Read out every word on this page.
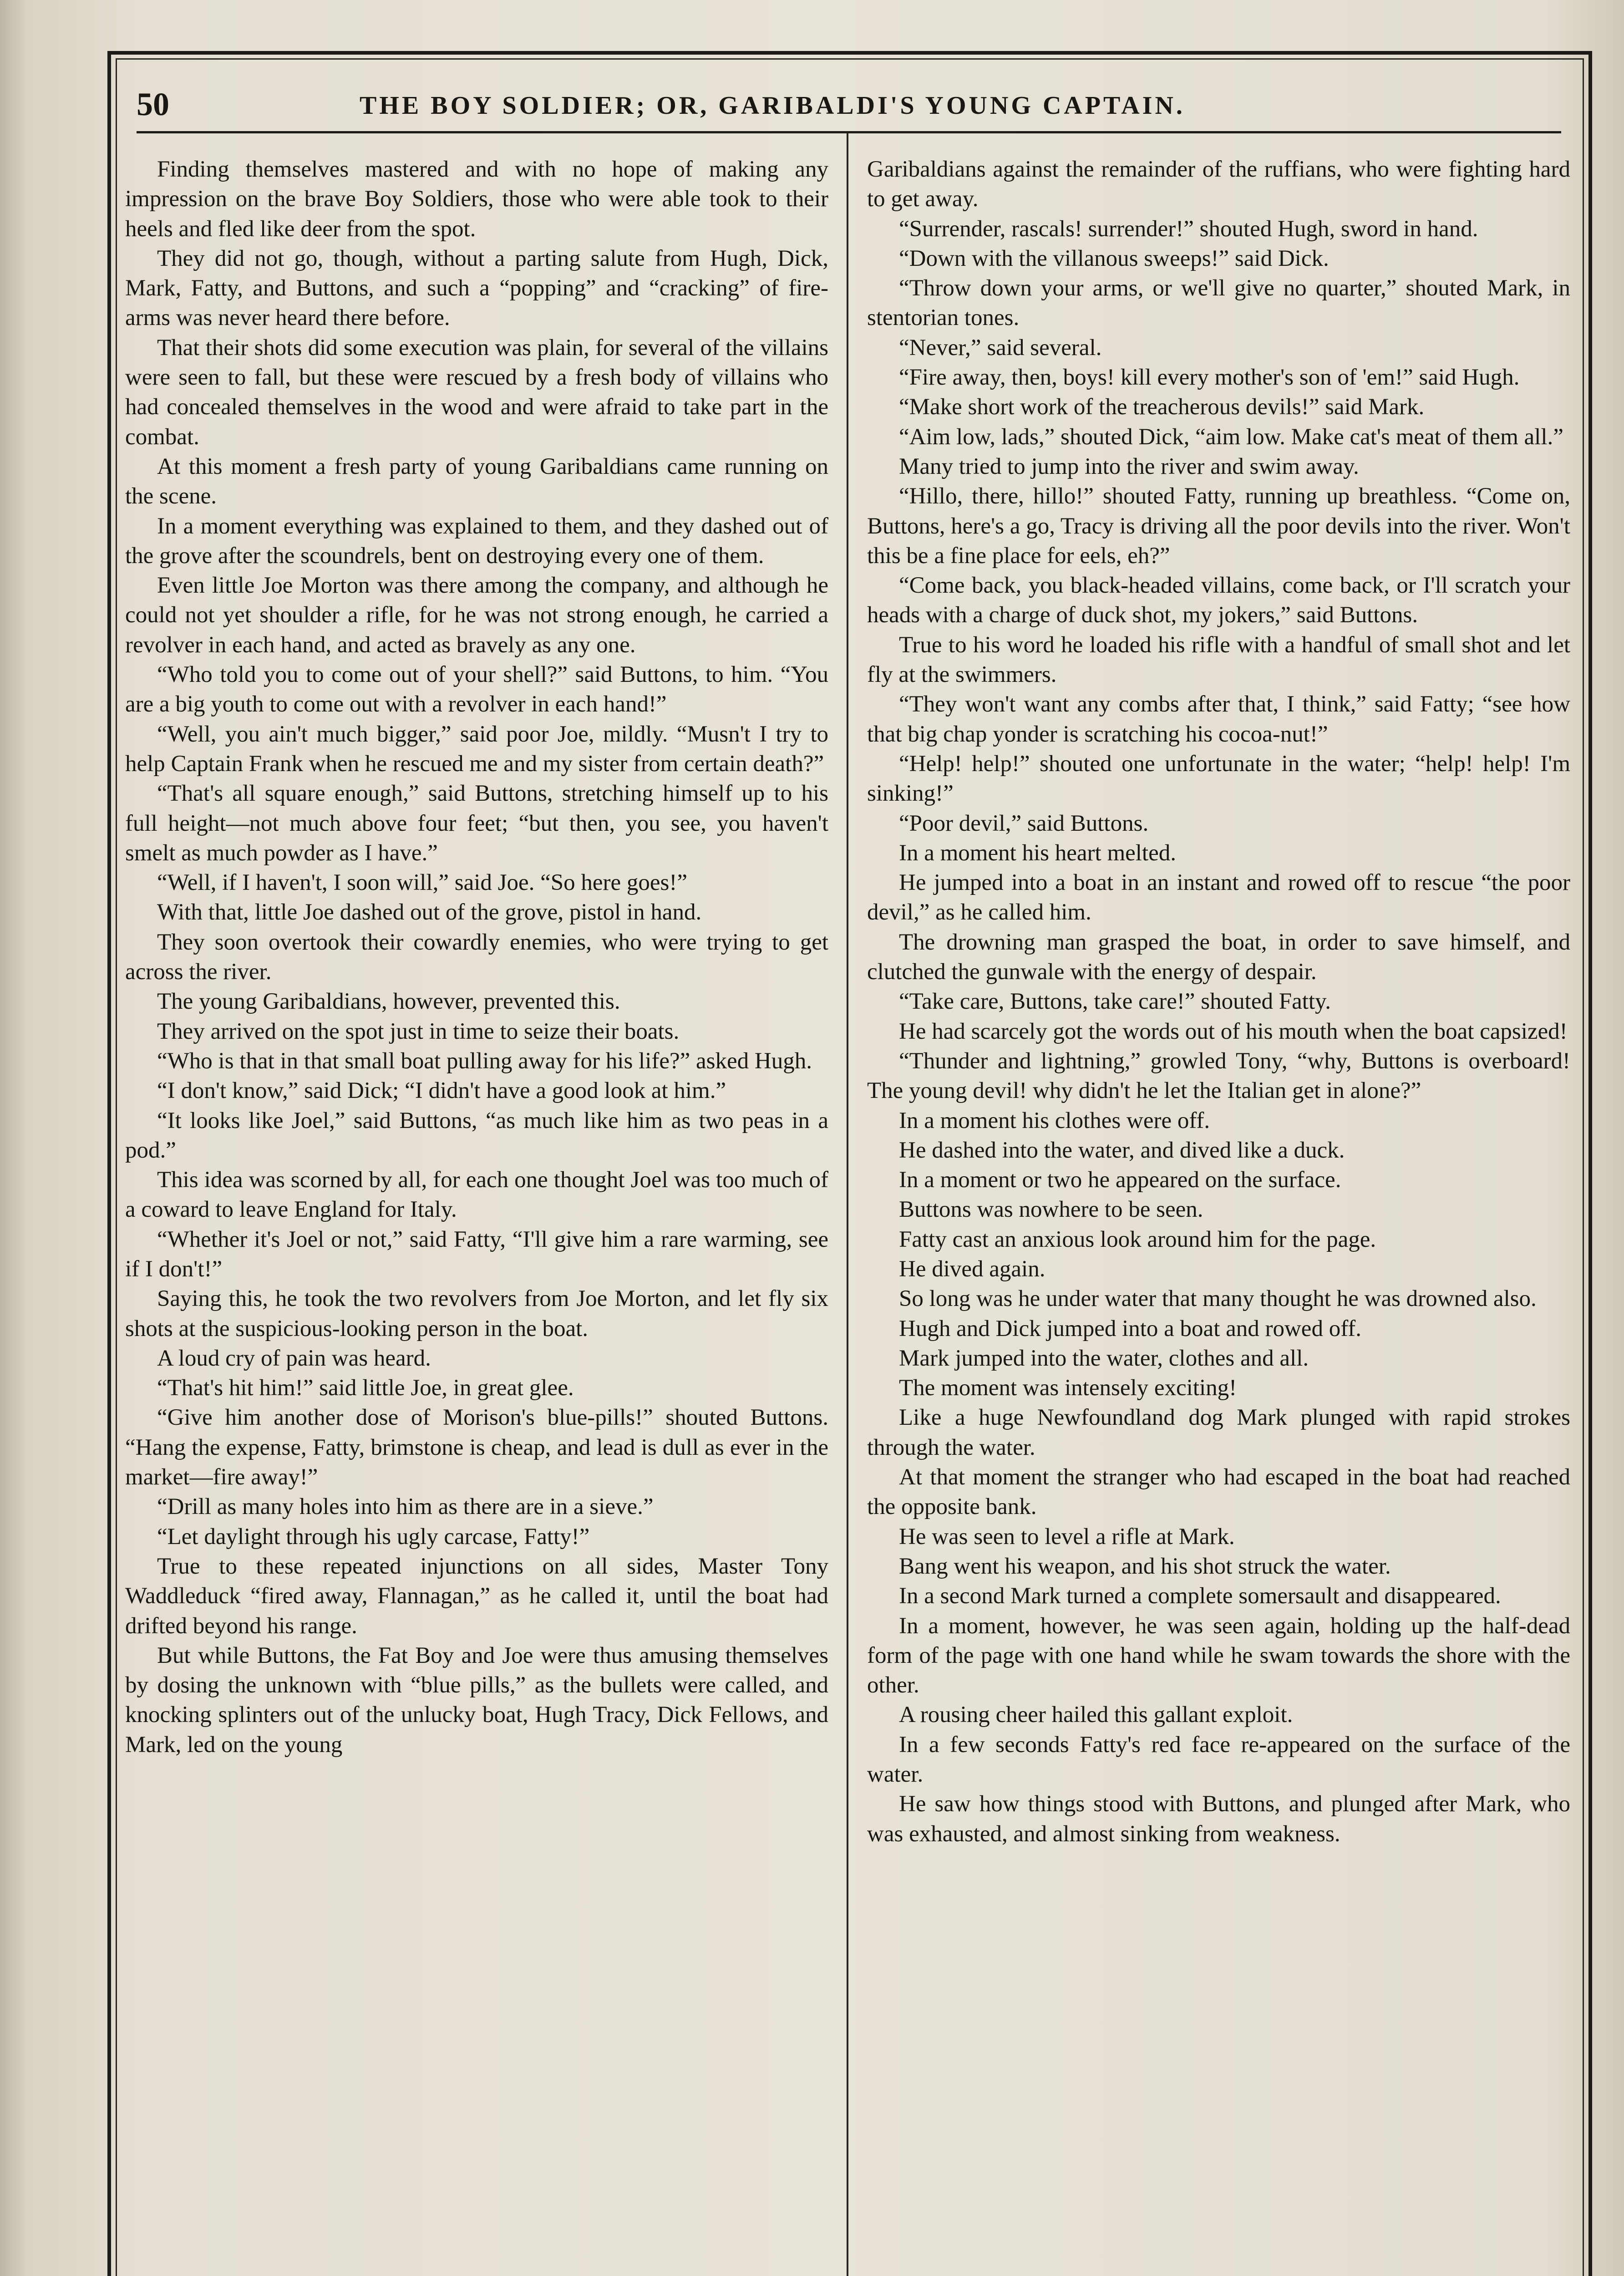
50	THE BOY SOLDIER; OR, GARIBALDI'S YOUNG CAPTAIN.

Finding themselves mastered and with no hope of making any impression on the brave Boy Soldiers, those who were able took to their heels and fled like deer from the spot.

They did not go, though, without a parting salute from Hugh, Dick, Mark, Fatty, and Buttons, and such a “popping” and “cracking” of fire-arms was never heard there before.

That their shots did some execution was plain, for several of the villains were seen to fall, but these were rescued by a fresh body of villains who had concealed themselves in the wood and were afraid to take part in the combat.

At this moment a fresh party of young Garibaldians came running on the scene.

In a moment everything was explained to them, and they dashed out of the grove after the scoundrels, bent on destroying every one of them.

Even little Joe Morton was there among the company, and although he could not yet shoulder a rifle, for he was not strong enough, he carried a revolver in each hand, and acted as bravely as any one.

“Who told you to come out of your shell?” said Buttons, to him. “You are a big youth to come out with a revolver in each hand!”

“Well, you ain't much bigger,” said poor Joe, mildly. “Musn't I try to help Captain Frank when he rescued me and my sister from certain death?”

“That's all square enough,” said Buttons, stretching himself up to his full height—not much above four feet; “but then, you see, you haven't smelt as much powder as I have.”

“Well, if I haven't, I soon will,” said Joe. “So here goes!”

With that, little Joe dashed out of the grove, pistol in hand.

They soon overtook their cowardly enemies, who were trying to get across the river.

The young Garibaldians, however, prevented this.

They arrived on the spot just in time to seize their boats.

“Who is that in that small boat pulling away for his life?” asked Hugh.

“I don't know,” said Dick; “I didn't have a good look at him.”

“It looks like Joel,” said Buttons, “as much like him as two peas in a pod.”

This idea was scorned by all, for each one thought Joel was too much of a coward to leave England for Italy.

“Whether it's Joel or not,” said Fatty, “I'll give him a rare warming, see if I don't!”

Saying this, he took the two revolvers from Joe Morton, and let fly six shots at the suspicious-looking person in the boat.

A loud cry of pain was heard.

“That's hit him!” said little Joe, in great glee.

“Give him another dose of Morison's blue-pills!” shouted Buttons. “Hang the expense, Fatty, brimstone is cheap, and lead is dull as ever in the market—fire away!”

“Drill as many holes into him as there are in a sieve.”

“Let daylight through his ugly carcase, Fatty!”

True to these repeated injunctions on all sides, Master Tony Waddleduck “fired away, Flannagan,” as he called it, until the boat had drifted beyond his range.

But while Buttons, the Fat Boy and Joe were thus amusing themselves by dosing the unknown with “blue pills,” as the bullets were called, and knocking splinters out of the unlucky boat, Hugh Tracy, Dick Fellows, and Mark, led on the young

Garibaldians against the remainder of the ruffians, who were fighting hard to get away.

“Surrender, rascals! surrender!” shouted Hugh, sword in hand.

“Down with the villanous sweeps!” said Dick.

“Throw down your arms, or we'll give no quarter,” shouted Mark, in stentorian tones.

“Never,” said several.

“Fire away, then, boys! kill every mother's son of 'em!” said Hugh.

“Make short work of the treacherous devils!” said Mark.

“Aim low, lads,” shouted Dick, “aim low. Make cat's meat of them all.”

Many tried to jump into the river and swim away.

“Hillo, there, hillo!” shouted Fatty, running up breathless. “Come on, Buttons, here's a go, Tracy is driving all the poor devils into the river. Won't this be a fine place for eels, eh?”

“Come back, you black-headed villains, come back, or I'll scratch your heads with a charge of duck shot, my jokers,” said Buttons.

True to his word he loaded his rifle with a handful of small shot and let fly at the swimmers.

“They won't want any combs after that, I think,” said Fatty; “see how that big chap yonder is scratching his cocoa-nut!”

“Help! help!” shouted one unfortunate in the water; “help! help! I'm sinking!”

“Poor devil,” said Buttons.

In a moment his heart melted.

He jumped into a boat in an instant and rowed off to rescue “the poor devil,” as he called him.

The drowning man grasped the boat, in order to save himself, and clutched the gunwale with the energy of despair.

“Take care, Buttons, take care!” shouted Fatty.

He had scarcely got the words out of his mouth when the boat capsized!

“Thunder and lightning,” growled Tony, “why, Buttons is overboard! The young devil! why didn't he let the Italian get in alone?”

In a moment his clothes were off.

He dashed into the water, and dived like a duck.

In a moment or two he appeared on the surface.

Buttons was nowhere to be seen.

Fatty cast an anxious look around him for the page.

He dived again.

So long was he under water that many thought he was drowned also.

Hugh and Dick jumped into a boat and rowed off.

Mark jumped into the water, clothes and all.

The moment was intensely exciting!

Like a huge Newfoundland dog Mark plunged with rapid strokes through the water.

At that moment the stranger who had escaped in the boat had reached the opposite bank.

He was seen to level a rifle at Mark.

Bang went his weapon, and his shot struck the water.

In a second Mark turned a complete somersault and disappeared.

In a moment, however, he was seen again, holding up the half-dead form of the page with one hand while he swam towards the shore with the other.

A rousing cheer hailed this gallant exploit.

In a few seconds Fatty's red face re-appeared on the surface of the water.

He saw how things stood with Buttons, and plunged after Mark, who was exhausted, and almost sinking from weakness.
